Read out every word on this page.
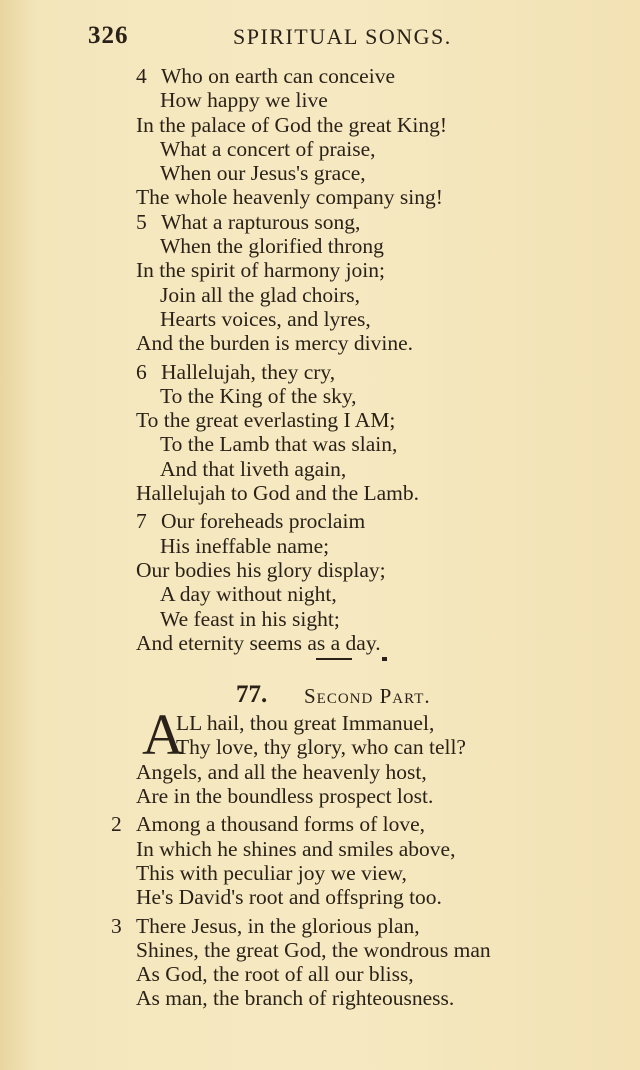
326	SPIRITUAL SONGS.
4 Who on earth can conceive
How happy we live
In the palace of God the great King!
What a concert of praise,
When our Jesus's grace,
The whole heavenly company sing!
5 What a rapturous song,
When the glorified throng
In the spirit of harmony join;
Join all the glad choirs,
Hearts voices, and lyres,
And the burden is mercy divine.
6 Hallelujah, they cry,
To the King of the sky,
To the great everlasting I AM;
To the Lamb that was slain,
And that liveth again,
Hallelujah to God and the Lamb.
7 Our foreheads proclaim
His ineffable name;
Our bodies his glory display;
A day without night,
We feast in his sight;
And eternity seems as a day.
77. Second Part.
A
LL hail, thou great Immanuel,
Thy love, thy glory, who can tell?
Angels, and all the heavenly host,
Are in the boundless prospect lost.
2 Among a thousand forms of love,
In which he shines and smiles above,
This with peculiar joy we view,
He's David's root and offspring too.
3 There Jesus, in the glorious plan,
Shines, the great God, the wondrous man
As God, the root of all our bliss,
As man, the branch of righteousness.
